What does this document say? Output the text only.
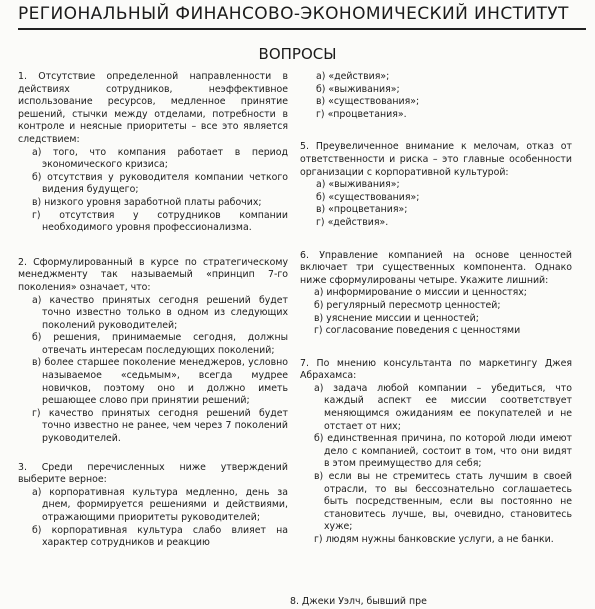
РЕГИОНАЛЬНЫЙ ФИНАНСОВО-ЭКОНОМИЧЕСКИЙ ИНСТИТУТ
ВОПРОСЫ

1. Отсутствие определенной направленности в действиях сотрудников, неэффективное использование ресурсов, медленное принятие решений, стычки между отделами, потребности в контроле и неясные приоритеты – все это является следствием:

а) того, что компания работает в период экономического кризиса;
б) отсутствия у руководителя компании четкого видения будущего;
в) низкого уровня заработной платы рабочих;
г) отсутствия у сотрудников компании необходимого уровня профессионализма.

2. Сформулированный в курсе по стратегическому менеджменту так называемый «принцип 7-го поколения» означает, что:

а) качество принятых сегодня решений будет точно известно только в одном из следующих поколений руководителей;
б) решения, принимаемые сегодня, должны отвечать интересам последующих поколений;
в) более старшее поколение менеджеров, условно называемое «седьмым», всегда мудрее новичков, поэтому оно и должно иметь решающее слово при принятии решений;
г) качество принятых сегодня решений будет точно известно не ранее, чем через 7 поколений руководителей.

3. Среди перечисленных ниже утверждений выберите верное:

а) корпоративная культура медленно, день за днем, формируется решениями и действиями, отражающими приоритеты руководителей;
б) корпоративная культура слабо влияет на характер сотрудников и реакцию
а) «действия»;
б) «выживания»;
в) «существования»;
г) «процветания».

5. Преувеличенное внимание к мелочам, отказ от ответственности и риска – это главные особенности организации с корпоративной культурой:

а) «выживания»;
б) «существования»;
в) «процветания»;
г) «действия».

6. Управление компанией на основе ценностей включает три существенных компонента. Однако ниже сформулированы четыре. Укажите лишний:

а) информирование о миссии и ценностях;
б) регулярный пересмотр ценностей;
в) уяснение миссии и ценностей;
г) согласование поведения с ценностями

7. По мнению консультанта по маркетингу Джея Абрахамса:

а) задача любой компании – убедиться, что каждый аспект ее миссии соответствует меняющимся ожиданиям ее покупателей и не отстает от них;
б) единственная причина, по которой люди имеют дело с компанией, состоит в том, что они видят в этом преимущество для себя;
в) если вы не стремитесь стать лучшим в своей отрасли, то вы бессознательно соглашаетесь быть посредственным, если вы постоянно не становитесь лучше, вы, очевидно, становитесь хуже;
г) людям нужны банковские услуги, а не банки.
8. Джеки Уэлч, бывший пре
